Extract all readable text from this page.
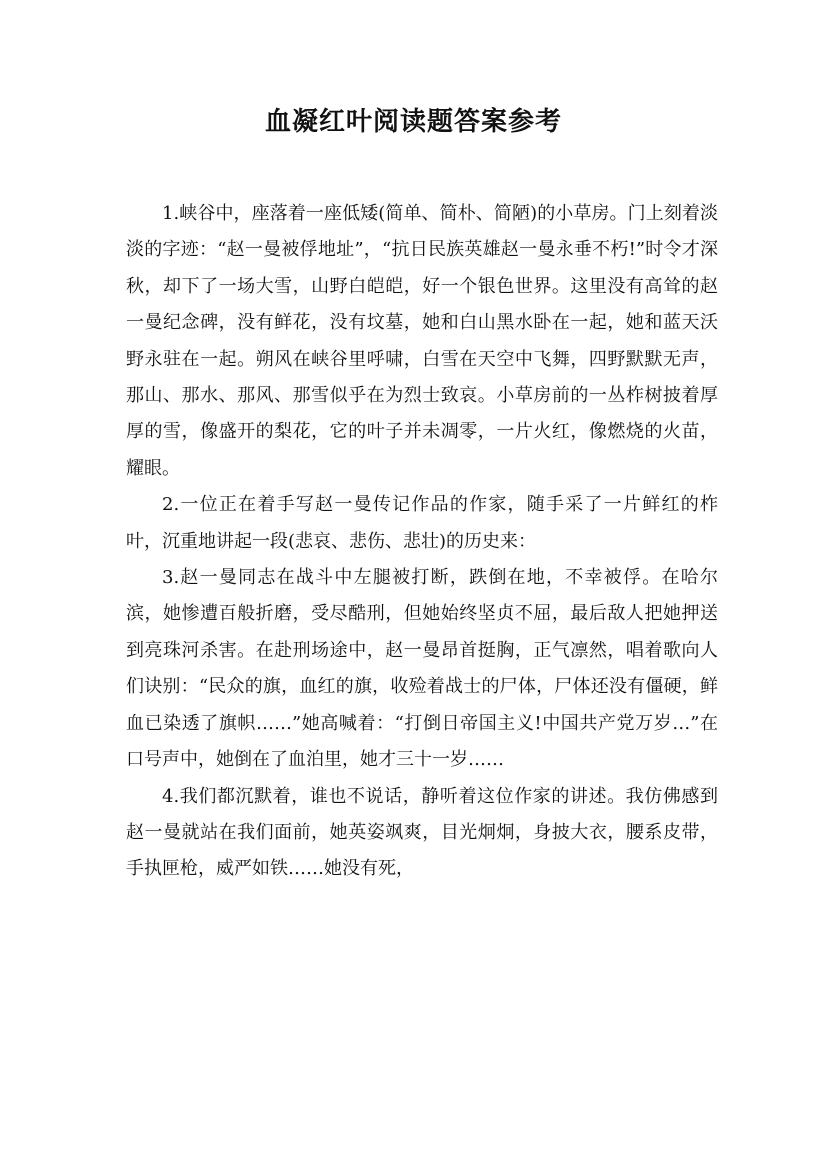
血凝红叶阅读题答案参考

1.峡谷中，座落着一座低矮(简单、简朴、简陋)的小草房。门上刻着淡淡的字迹：“赵一曼被俘地址”，“抗日民族英雄赵一曼永垂不朽!”时令才深秋，却下了一场大雪，山野白皑皑，好一个银色世界。这里没有高耸的赵一曼纪念碑，没有鲜花，没有坟墓，她和白山黑水卧在一起，她和蓝天沃野永驻在一起。朔风在峡谷里呼啸，白雪在天空中飞舞，四野默默无声，那山、那水、那风、那雪似乎在为烈士致哀。小草房前的一丛柞树披着厚厚的雪，像盛开的梨花，它的叶子并未凋零，一片火红，像燃烧的火苗，耀眼。

2.一位正在着手写赵一曼传记作品的作家，随手采了一片鲜红的柞叶，沉重地讲起一段(悲哀、悲伤、悲壮)的历史来：

3.赵一曼同志在战斗中左腿被打断，跌倒在地，不幸被俘。在哈尔滨，她惨遭百般折磨，受尽酷刑，但她始终坚贞不屈，最后敌人把她押送到亮珠河杀害。在赴刑场途中，赵一曼昂首挺胸，正气凛然，唱着歌向人们诀别：“民众的旗，血红的旗，收殓着战士的尸体，尸体还没有僵硬，鲜血已染透了旗帜……”她高喊着：“打倒日帝国主义!中国共产党万岁…”在口号声中，她倒在了血泊里，她才三十一岁……

4.我们都沉默着，谁也不说话，静听着这位作家的讲述。我仿佛感到赵一曼就站在我们面前，她英姿飒爽，目光炯炯，身披大衣，腰系皮带，手执匣枪，威严如铁……她没有死，
